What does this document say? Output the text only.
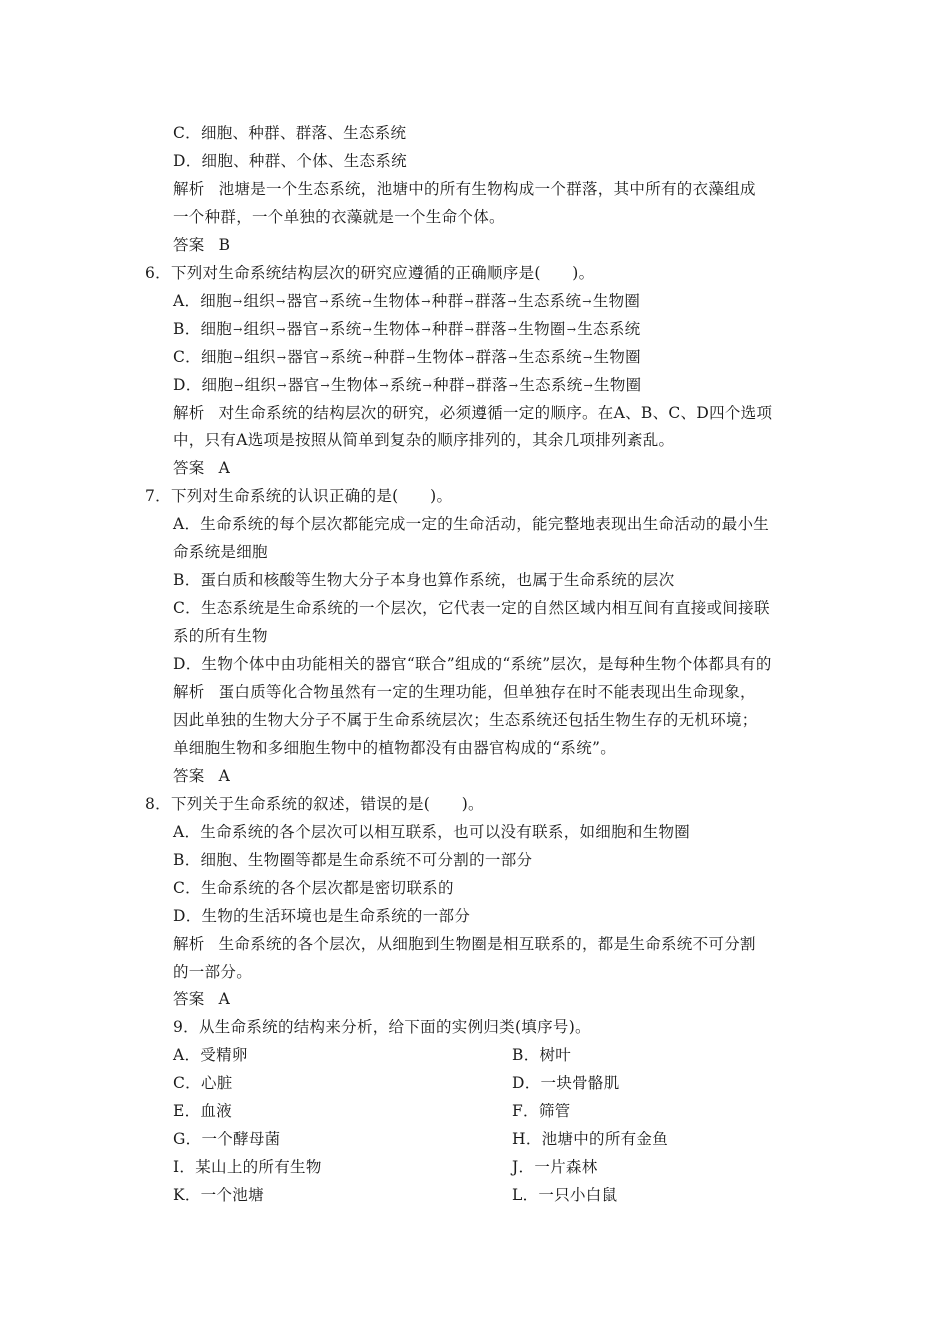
C．细胞、种群、群落、生态系统
D．细胞、种群、个体、生态系统
解析 池塘是一个生态系统，池塘中的所有生物构成一个群落，其中所有的衣藻组成
一个种群，一个单独的衣藻就是一个生命个体。
答案 B
6．下列对生命系统结构层次的研究应遵循的正确顺序是(　　)。
A．细胞→组织→器官→系统→生物体→种群→群落→生态系统→生物圈
B．细胞→组织→器官→系统→生物体→种群→群落→生物圈→生态系统
C．细胞→组织→器官→系统→种群→生物体→群落→生态系统→生物圈
D．细胞→组织→器官→生物体→系统→种群→群落→生态系统→生物圈
解析 对生命系统的结构层次的研究，必须遵循一定的顺序。在A、B、C、D四个选项
中，只有A选项是按照从简单到复杂的顺序排列的，其余几项排列紊乱。
答案 A
7．下列对生命系统的认识正确的是(　　)。
A．生命系统的每个层次都能完成一定的生命活动，能完整地表现出生命活动的最小生
命系统是细胞
B．蛋白质和核酸等生物大分子本身也算作系统，也属于生命系统的层次
C．生态系统是生命系统的一个层次，它代表一定的自然区域内相互间有直接或间接联
系的所有生物
D．生物个体中由功能相关的器官“联合”组成的“系统”层次，是每种生物个体都具有的
解析 蛋白质等化合物虽然有一定的生理功能，但单独存在时不能表现出生命现象，
因此单独的生物大分子不属于生命系统层次；生态系统还包括生物生存的无机环境；
单细胞生物和多细胞生物中的植物都没有由器官构成的“系统”。
答案 A
8．下列关于生命系统的叙述，错误的是(　　)。
A．生命系统的各个层次可以相互联系，也可以没有联系，如细胞和生物圈
B．细胞、生物圈等都是生命系统不可分割的一部分
C．生命系统的各个层次都是密切联系的
D．生物的生活环境也是生命系统的一部分
解析 生命系统的各个层次，从细胞到生物圈是相互联系的，都是生命系统不可分割
的一部分。
答案 A
9．从生命系统的结构来分析，给下面的实例归类(填序号)。
A．受精卵	B．树叶
C．心脏	D．一块骨骼肌
E．血液	F．筛管
G．一个酵母菌	H．池塘中的所有金鱼
I．某山上的所有生物	J．一片森林
K．一个池塘	L．一只小白鼠
